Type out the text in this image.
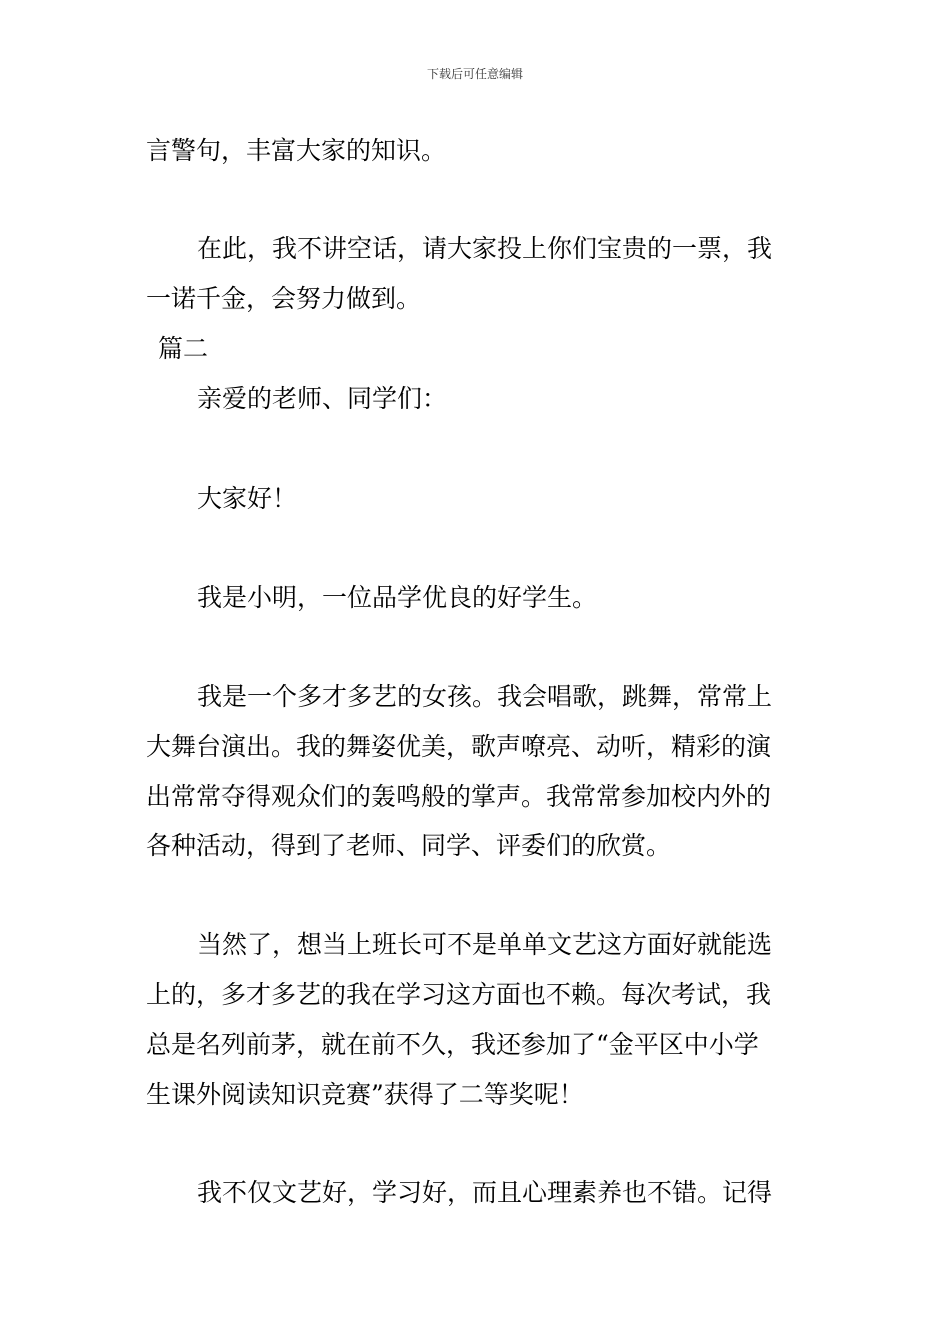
下载后可任意编辑
言警句，丰富大家的知识。
在此，我不讲空话，请大家投上你们宝贵的一票，我
一诺千金，会努力做到。
篇二
亲爱的老师、同学们：
大家好！
我是小明，一位品学优良的好学生。
我是一个多才多艺的女孩。我会唱歌，跳舞，常常上
大舞台演出。我的舞姿优美，歌声嘹亮、动听，精彩的演
出常常夺得观众们的轰鸣般的掌声。我常常参加校内外的
各种活动，得到了老师、同学、评委们的欣赏。
当然了，想当上班长可不是单单文艺这方面好就能选
上的，多才多艺的我在学习这方面也不赖。每次考试，我
总是名列前茅，就在前不久，我还参加了“金平区中小学
生课外阅读知识竞赛”获得了二等奖呢！
我不仅文艺好，学习好，而且心理素养也不错。记得
